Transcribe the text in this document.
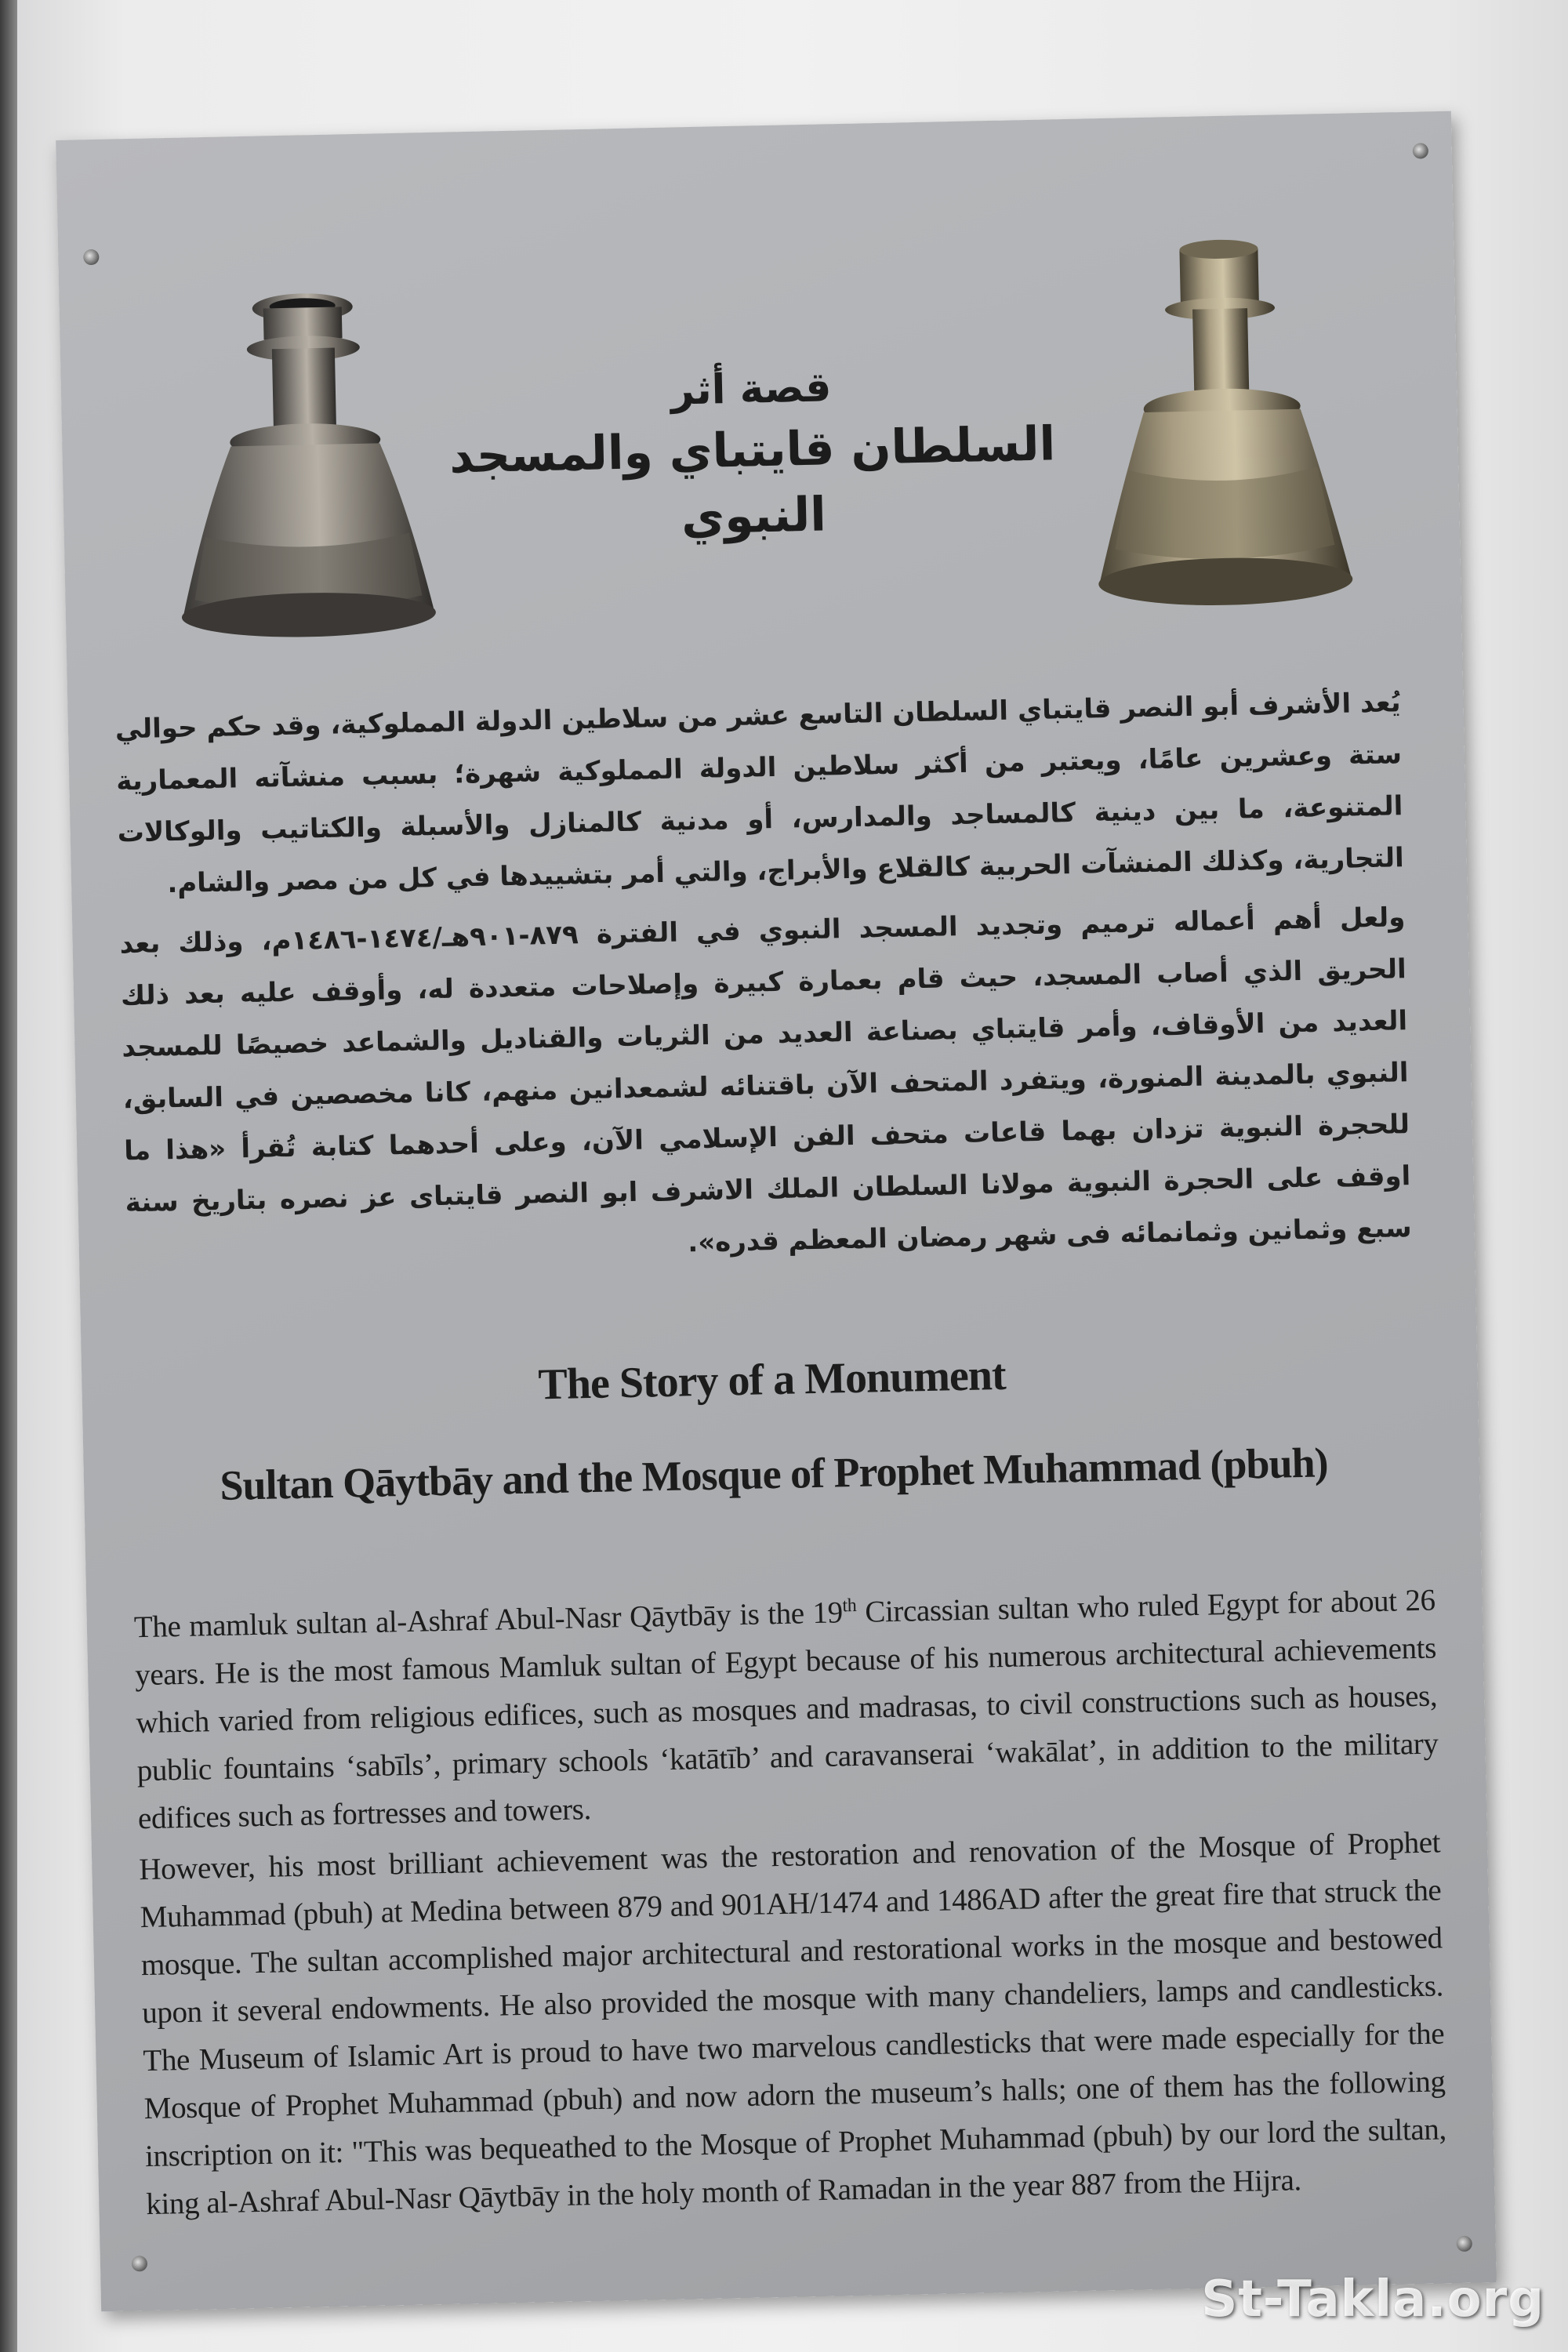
قصة أثر
السلطان قايتباي والمسجد النبوي

يُعد الأشرف أبو النصر قايتباي السلطان التاسع عشر من سلاطين الدولة المملوكية، وقد حكم حوالي ستة وعشرين عامًا، ويعتبر من أكثر سلاطين الدولة المملوكية شهرة؛ بسبب منشآته المعمارية المتنوعة، ما بين دينية كالمساجد والمدارس، أو مدنية كالمنازل والأسبلة والكتاتيب والوكالات التجارية، وكذلك المنشآت الحربية كالقلاع والأبراج، والتي أمر بتشييدها في كل من مصر والشام.

ولعل أهم أعماله ترميم وتجديد المسجد النبوي في الفترة ٨٧٩-٩٠١هـ/١٤٧٤-١٤٨٦م، وذلك بعد الحريق الذي أصاب المسجد، حيث قام بعمارة كبيرة وإصلاحات متعددة له، وأوقف عليه بعد ذلك العديد من الأوقاف، وأمر قايتباي بصناعة العديد من الثريات والقناديل والشماعد خصيصًا للمسجد النبوي بالمدينة المنورة، ويتفرد المتحف الآن باقتنائه لشمعدانين منهم، كانا مخصصين في السابق، للحجرة النبوية تزدان بهما قاعات متحف الفن الإسلامي الآن، وعلى أحدهما كتابة تُقرأ «هذا ما اوقف على الحجرة النبوية مولانا السلطان الملك الاشرف ابو النصر قايتباى عز نصره بتاريخ سنة سبع وثمانين وثمانمائه فى شهر رمضان المعظم قدره».

The Story of a Monument
Sultan Qāytbāy and the Mosque of Prophet Muhammad (pbuh)

The mamluk sultan al-Ashraf Abul-Nasr Qāytbāy is the 19th Circassian sultan who ruled Egypt for about 26 years. He is the most famous Mamluk sultan of Egypt because of his numerous architectural achievements which varied from religious edifices, such as mosques and madrasas, to civil constructions such as houses, public fountains ‘sabīls’, primary schools ‘katātīb’ and caravanserai ‘wakālat’, in addition to the military edifices such as fortresses and towers.

However, his most brilliant achievement was the restoration and renovation of the Mosque of Prophet Muhammad (pbuh) at Medina between 879 and 901AH/1474 and 1486AD after the great fire that struck the mosque. The sultan accomplished major architectural and restorational works in the mosque and bestowed upon it several endowments. He also provided the mosque with many chandeliers, lamps and candlesticks. The Museum of Islamic Art is proud to have two marvelous candlesticks that were made especially for the Mosque of Prophet Muhammad (pbuh) and now adorn the museum’s halls; one of them has the following inscription on it: "This was bequeathed to the Mosque of Prophet Muhammad (pbuh) by our lord the sultan, king al-Ashraf Abul-Nasr Qāytbāy in the holy month of Ramadan in the year 887 from the Hijra.

St-Takla.org
